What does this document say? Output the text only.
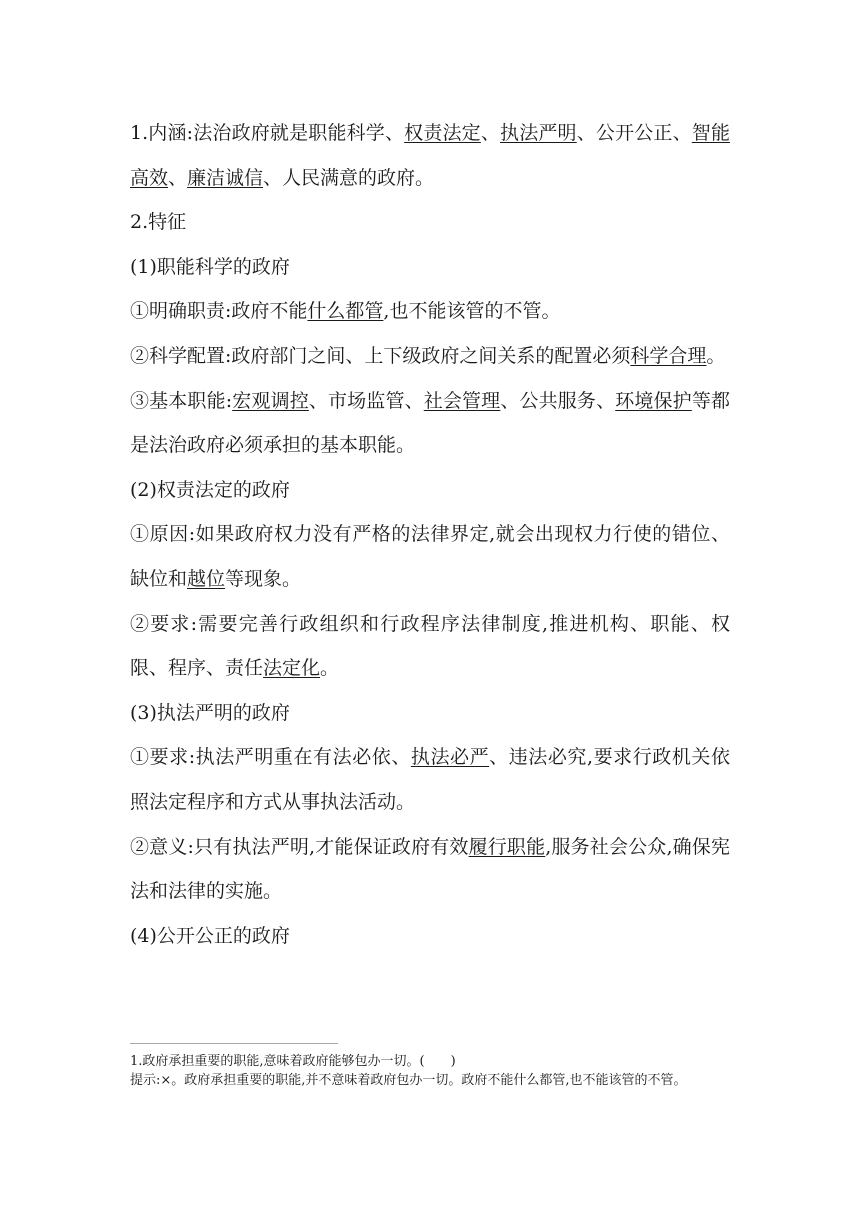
1.内涵:法治政府就是职能科学、权责法定、执法严明、公开公正、智能高效、廉洁诚信、人民满意的政府。

2.特征

(1)职能科学的政府

①明确职责:政府不能什么都管,也不能该管的不管。

②科学配置:政府部门之间、上下级政府之间关系的配置必须科学合理。

③基本职能:宏观调控、市场监管、社会管理、公共服务、环境保护等都是法治政府必须承担的基本职能。

(2)权责法定的政府

①原因:如果政府权力没有严格的法律界定,就会出现权力行使的错位、缺位和越位等现象。

②要求:需要完善行政组织和行政程序法律制度,推进机构、职能、权限、程序、责任法定化。

(3)执法严明的政府

①要求:执法严明重在有法必依、执法必严、违法必究,要求行政机关依照法定程序和方式从事执法活动。

②意义:只有执法严明,才能保证政府有效履行职能,服务社会公众,确保宪法和法律的实施。

(4)公开公正的政府

1.政府承担重要的职能,意味着政府能够包办一切。(　　)

提示:×。政府承担重要的职能,并不意味着政府包办一切。政府不能什么都管,也不能该管的不管。
